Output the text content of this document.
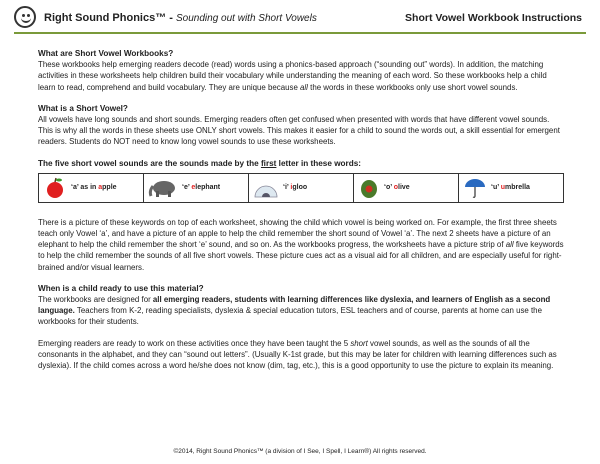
Right Sound Phonics™ - Sounding out with Short Vowels	Short Vowel Workbook Instructions
What are Short Vowel Workbooks?

These workbooks help emerging readers decode (read) words using a phonics-based approach (“sounding out” words). In addition, the matching activities in these worksheets help children build their vocabulary while understanding the meaning of each word. So these workbooks help a child learn to read, comprehend and build vocabulary. They are unique because all the words in these workbooks only use short vowel sounds.

What is a Short Vowel?

All vowels have long sounds and short sounds. Emerging readers often get confused when presented with words that have different vowel sounds. This is why all the words in these sheets use ONLY short vowels. This makes it easier for a child to sound the words out, a skill essential for emergent readers. Students do NOT need to know long vowel sounds to use these worksheets.

The five short vowel sounds are the sounds made by the first letter in these words:
‘a’ as in apple	‘e’ elephant	‘i’ igloo	‘o’ olive	‘u’ umbrella

There is a picture of these keywords on top of each worksheet, showing the child which vowel is being worked on. For example, the first three sheets teach only Vowel ‘a’, and have a picture of an apple to help the child remember the short sound of Vowel ‘a’. The next 2 sheets have a picture of an elephant to help the child remember the short ‘e’ sound, and so on. As the workbooks progress, the worksheets have a picture strip of all five keywords to help the child remember the sounds of all five short vowels. These picture cues act as a visual aid for all children, and are especially useful for right-brained and/or visual learners.

When is a child ready to use this material?

The workbooks are designed for all emerging readers, students with learning differences like dyslexia, and learners of English as a second language. Teachers from K-2, reading specialists, dyslexia & special education tutors, ESL teachers and of course, parents at home can use the workbooks for their students.

Emerging readers are ready to work on these activities once they have been taught the 5 short vowel sounds, as well as the sounds of all the consonants in the alphabet, and they can “sound out letters”. (Usually K-1st grade, but this may be later for children with learning differences such as dyslexia). If the child comes across a word he/she does not know (dim, tag, etc.), this is a good opportunity to use the picture to explain its meaning.

©2014, Right Sound Phonics™ (a division of I See, I Spell, I Learn®) All rights reserved.
